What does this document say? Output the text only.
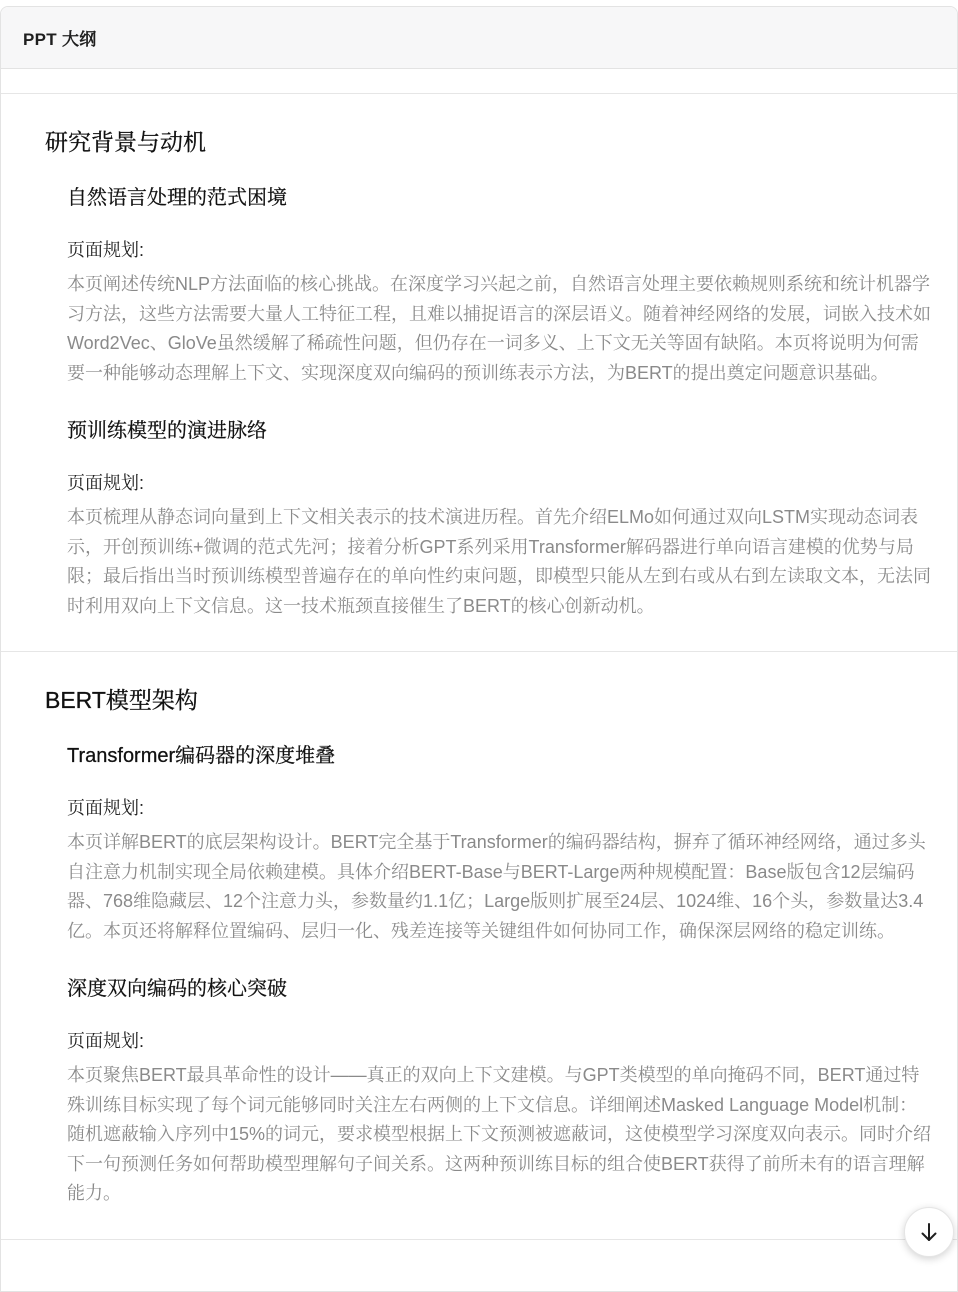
PPT 大纲
研究背景与动机
自然语言处理的范式困境
页面规划:

本页阐述传统NLP方法面临的核心挑战。在深度学习兴起之前，自然语言处理主要依赖规则系统和统计机器学习方法，这些方法需要大量人工特征工程，且难以捕捉语言的深层语义。随着神经网络的发展，词嵌入技术如Word2Vec、GloVe虽然缓解了稀疏性问题，但仍存在一词多义、上下文无关等固有缺陷。本页将说明为何需要一种能够动态理解上下文、实现深度双向编码的预训练表示方法，为BERT的提出奠定问题意识基础。

预训练模型的演进脉络
页面规划:

本页梳理从静态词向量到上下文相关表示的技术演进历程。首先介绍ELMo如何通过双向LSTM实现动态词表示，开创预训练+微调的范式先河；接着分析GPT系列采用Transformer解码器进行单向语言建模的优势与局限；最后指出当时预训练模型普遍存在的单向性约束问题，即模型只能从左到右或从右到左读取文本，无法同时利用双向上下文信息。这一技术瓶颈直接催生了BERT的核心创新动机。

BERT模型架构
Transformer编码器的深度堆叠
页面规划:

本页详解BERT的底层架构设计。BERT完全基于Transformer的编码器结构，摒弃了循环神经网络，通过多头自注意力机制实现全局依赖建模。具体介绍BERT-Base与BERT-Large两种规模配置：Base版包含12层编码器、768维隐藏层、12个注意力头，参数量约1.1亿；Large版则扩展至24层、1024维、16个头，参数量达3.4亿。本页还将解释位置编码、层归一化、残差连接等关键组件如何协同工作，确保深层网络的稳定训练。

深度双向编码的核心突破
页面规划:

本页聚焦BERT最具革命性的设计——真正的双向上下文建模。与GPT类模型的单向掩码不同，BERT通过特殊训练目标实现了每个词元能够同时关注左右两侧的上下文信息。详细阐述Masked Language Model机制：随机遮蔽输入序列中15%的词元，要求模型根据上下文预测被遮蔽词，这使模型学习深度双向表示。同时介绍下一句预测任务如何帮助模型理解句子间关系。这两种预训练目标的组合使BERT获得了前所未有的语言理解能力。
